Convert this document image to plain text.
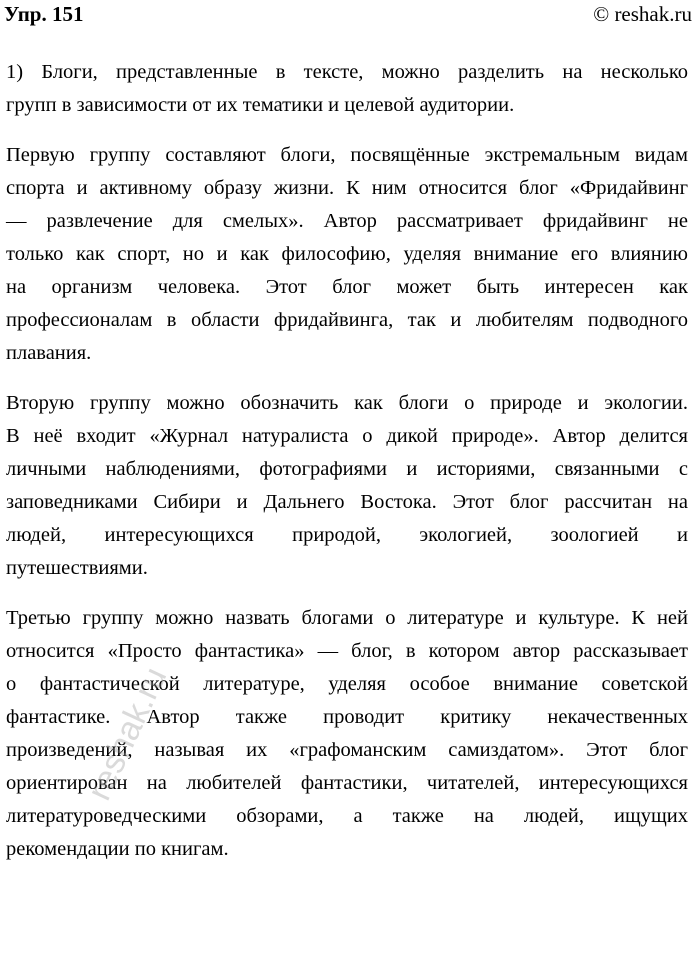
Упр. 151	© reshak.ru
1) Блоги, представленные в тексте, можно разделить на несколько
групп в зависимости от их тематики и целевой аудитории.
Первую группу составляют блоги, посвящённые экстремальным видам
спорта и активному образу жизни. К ним относится блог «Фридайвинг
— развлечение для смелых». Автор рассматривает фридайвинг не
только как спорт, но и как философию, уделяя внимание его влиянию
на организм человека. Этот блог может быть интересен как
профессионалам в области фридайвинга, так и любителям подводного
плавания.
Вторую группу можно обозначить как блоги о природе и экологии.
В неё входит «Журнал натуралиста о дикой природе». Автор делится
личными наблюдениями, фотографиями и историями, связанными с
заповедниками Сибири и Дальнего Востока. Этот блог рассчитан на
людей, интересующихся природой, экологией, зоологией и
путешествиями.
Третью группу можно назвать блогами о литературе и культуре. К ней
относится «Просто фантастика» — блог, в котором автор рассказывает
о фантастической литературе, уделяя особое внимание советской
фантастике. Автор также проводит критику некачественных
произведений, называя их «графоманским самиздатом». Этот блог
ориентирован на любителей фантастики, читателей, интересующихся
литературоведческими обзорами, а также на людей, ищущих
рекомендации по книгам.
reshak.ru
